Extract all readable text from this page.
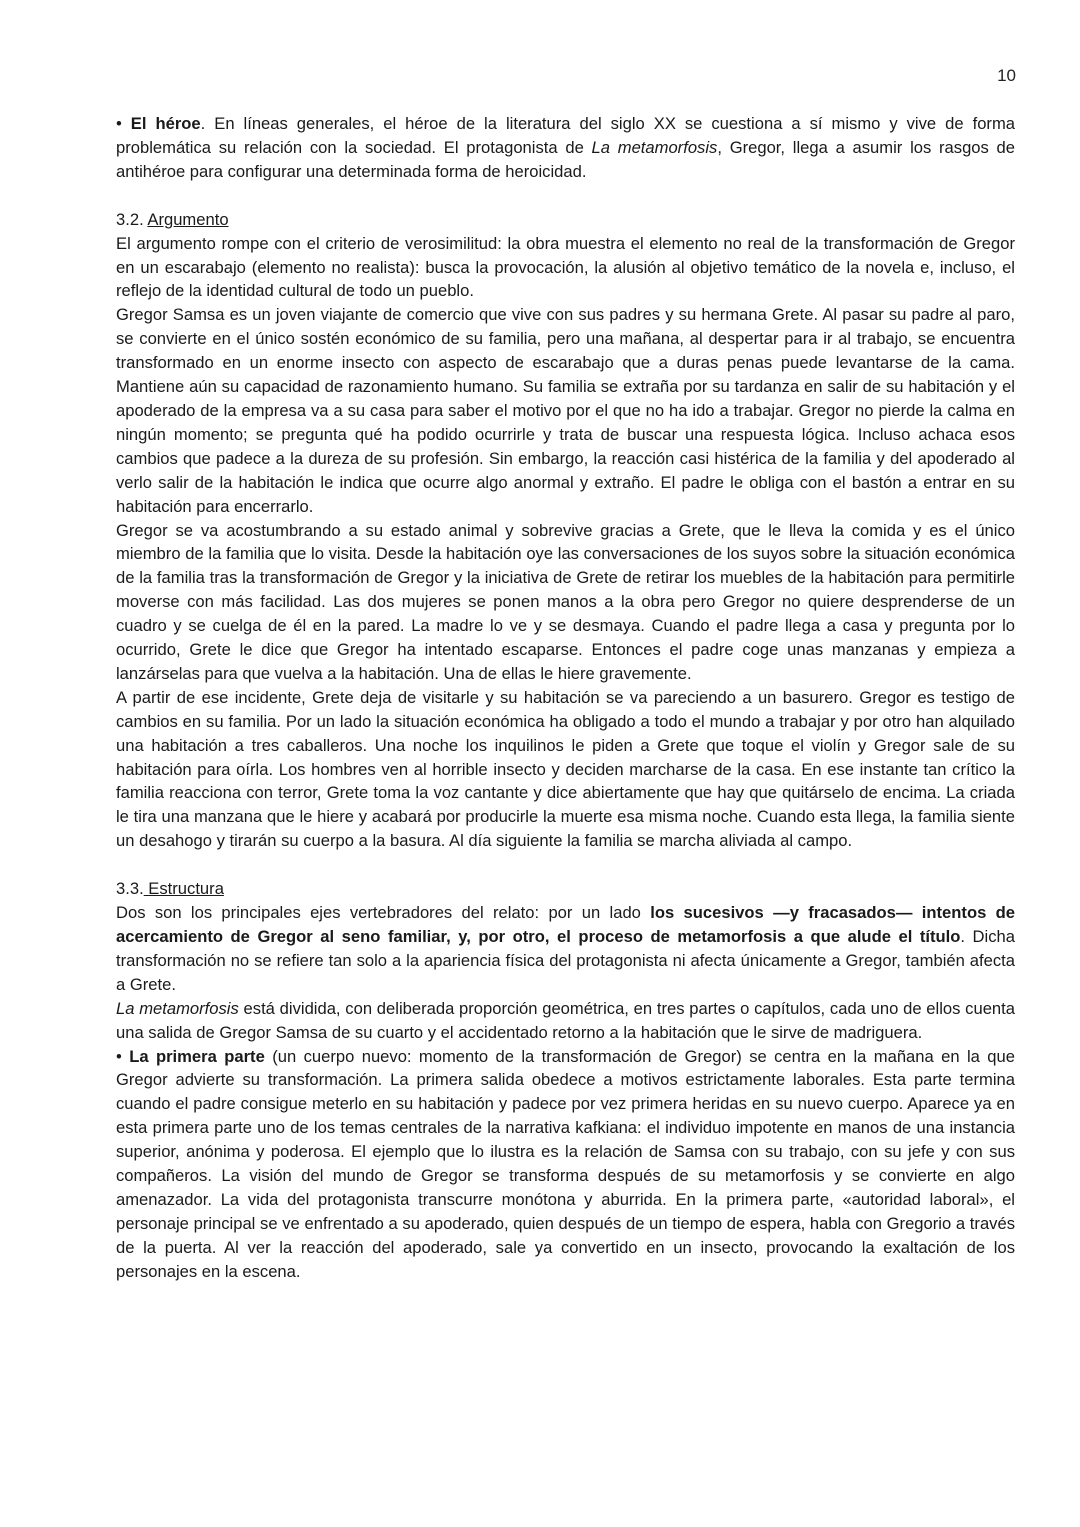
10

• El héroe. En líneas generales, el héroe de la literatura del siglo XX se cuestiona a sí mismo y vive de forma problemática su relación con la sociedad. El protagonista de La metamorfosis, Gregor, llega a asumir los rasgos de antihéroe para configurar una determinada forma de heroicidad.

3.2. Argumento

El argumento rompe con el criterio de verosimilitud: la obra muestra el elemento no real de la transformación de Gregor en un escarabajo (elemento no realista): busca la provocación, la alusión al objetivo temático de la novela e, incluso, el reflejo de la identidad cultural de todo un pueblo.

Gregor Samsa es un joven viajante de comercio que vive con sus padres y su hermana Grete. Al pasar su padre al paro, se convierte en el único sostén económico de su familia, pero una mañana, al despertar para ir al trabajo, se encuentra transformado en un enorme insecto con aspecto de escarabajo que a duras penas puede levantarse de la cama. Mantiene aún su capacidad de razonamiento humano. Su familia se extraña por su tardanza en salir de su habitación y el apoderado de la empresa va a su casa para saber el motivo por el que no ha ido a trabajar. Gregor no pierde la calma en ningún momento; se pregunta qué ha podido ocurrirle y trata de buscar una respuesta lógica. Incluso achaca esos cambios que padece a la dureza de su profesión. Sin embargo, la reacción casi histérica de la familia y del apoderado al verlo salir de la habitación le indica que ocurre algo anormal y extraño. El padre le obliga con el bastón a entrar en su habitación para encerrarlo.

Gregor se va acostumbrando a su estado animal y sobrevive gracias a Grete, que le lleva la comida y es el único miembro de la familia que lo visita. Desde la habitación oye las conversaciones de los suyos sobre la situación económica de la familia tras la transformación de Gregor y la iniciativa de Grete de retirar los muebles de la habitación para permitirle moverse con más facilidad. Las dos mujeres se ponen manos a la obra pero Gregor no quiere desprenderse de un cuadro y se cuelga de él en la pared. La madre lo ve y se desmaya. Cuando el padre llega a casa y pregunta por lo ocurrido, Grete le dice que Gregor ha intentado escaparse. Entonces el padre coge unas manzanas y empieza a lanzárselas para que vuelva a la habitación. Una de ellas le hiere gravemente.

A partir de ese incidente, Grete deja de visitarle y su habitación se va pareciendo a un basurero. Gregor es testigo de cambios en su familia. Por un lado la situación económica ha obligado a todo el mundo a trabajar y por otro han alquilado una habitación a tres caballeros. Una noche los inquilinos le piden a Grete que toque el violín y Gregor sale de su habitación para oírla. Los hombres ven al horrible insecto y deciden marcharse de la casa. En ese instante tan crítico la familia reacciona con terror, Grete toma la voz cantante y dice abiertamente que hay que quitárselo de encima. La criada le tira una manzana que le hiere y acabará por producirle la muerte esa misma noche. Cuando esta llega, la familia siente un desahogo y tirarán su cuerpo a la basura. Al día siguiente la familia se marcha aliviada al campo.

3.3. Estructura

Dos son los principales ejes vertebradores del relato: por un lado los sucesivos —y fracasados— intentos de acercamiento de Gregor al seno familiar, y, por otro, el proceso de metamorfosis a que alude el título. Dicha transformación no se refiere tan solo a la apariencia física del protagonista ni afecta únicamente a Gregor, también afecta a Grete.

La metamorfosis está dividida, con deliberada proporción geométrica, en tres partes o capítulos, cada uno de ellos cuenta una salida de Gregor Samsa de su cuarto y el accidentado retorno a la habitación que le sirve de madriguera.

• La primera parte (un cuerpo nuevo: momento de la transformación de Gregor) se centra en la mañana en la que Gregor advierte su transformación. La primera salida obedece a motivos estrictamente laborales. Esta parte termina cuando el padre consigue meterlo en su habitación y padece por vez primera heridas en su nuevo cuerpo. Aparece ya en esta primera parte uno de los temas centrales de la narrativa kafkiana: el individuo impotente en manos de una instancia superior, anónima y poderosa. El ejemplo que lo ilustra es la relación de Samsa con su trabajo, con su jefe y con sus compañeros. La visión del mundo de Gregor se transforma después de su metamorfosis y se convierte en algo amenazador. La vida del protagonista transcurre monótona y aburrida. En la primera parte, «autoridad laboral», el personaje principal se ve enfrentado a su apoderado, quien después de un tiempo de espera, habla con Gregorio a través de la puerta. Al ver la reacción del apoderado, sale ya convertido en un insecto, provocando la exaltación de los personajes en la escena.
